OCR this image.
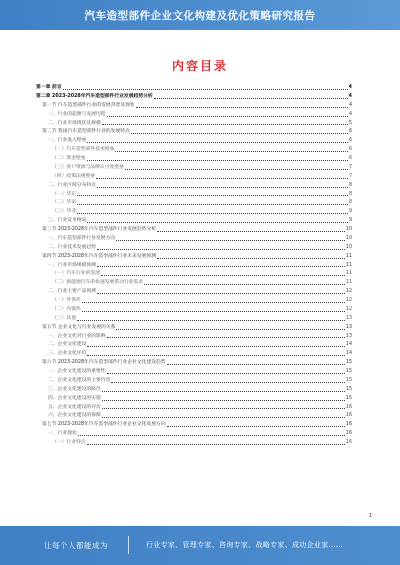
汽车造型部件企业文化构建及优化策略研究报告
内容目录
第一章 前言	4
第二章 2023-2028年汽车造型部件行业发展趋势分析	4
第一节 汽车造型部件行业的发展背景及现状	4
一、行业的起源与发展历程	4
二、行业市场现状及规模	5
第二节 我国汽车造型部件行业的发展特点	6
一、行业进入壁垒	6
（一）汽车造型部件技术壁垒	6
（二）资金壁垒	6
（三）客户资源与品牌认可度壁垒	7
（四）政策法规壁垒	7
二、行业区域分布特点	8
（一）华东	8
（二）华南	8
（三）华北	9
三、行业竞争格局	9
第三节 2023-2028年汽车造型部件行业发展趋势分析	10
一、汽车造型部件行业发展方向	10
二、行业技术发展趋势	10
第四节 2023-2028年汽车造型部件行业未来发展预测	11
一、行业市场规模预测	11
（一）汽车行业的发展	11
（二）新能源汽车的快速发展带动行业需求	11
二、行业主要产品预测	12
（一）外饰件	12
（二）内饰件	12
（三）其他	13
第五节 企业文化与行业发展的关系	13
一、企业文化对行业的影响	13
二、企业文化建设	14
三、企业文化评价	14
第六节 2023-2028年汽车造型部件行业企业文化建设趋势	15
一、企业文化建设的重要性	15
二、企业文化建设的主要内容	15
三、企业文化建设的路径	15
四、企业文化建设的实施	15
五、企业文化建设的评价	16
六、企业文化建设的保障	16
第七节 2023-2028年汽车造型部件行业企业文化发展方向	16
一、行业现状	16
（一）行业特点	16
1
让每个人都能成为	行业专家、管理专家、咨询专家、战略专家、成功企业家……
